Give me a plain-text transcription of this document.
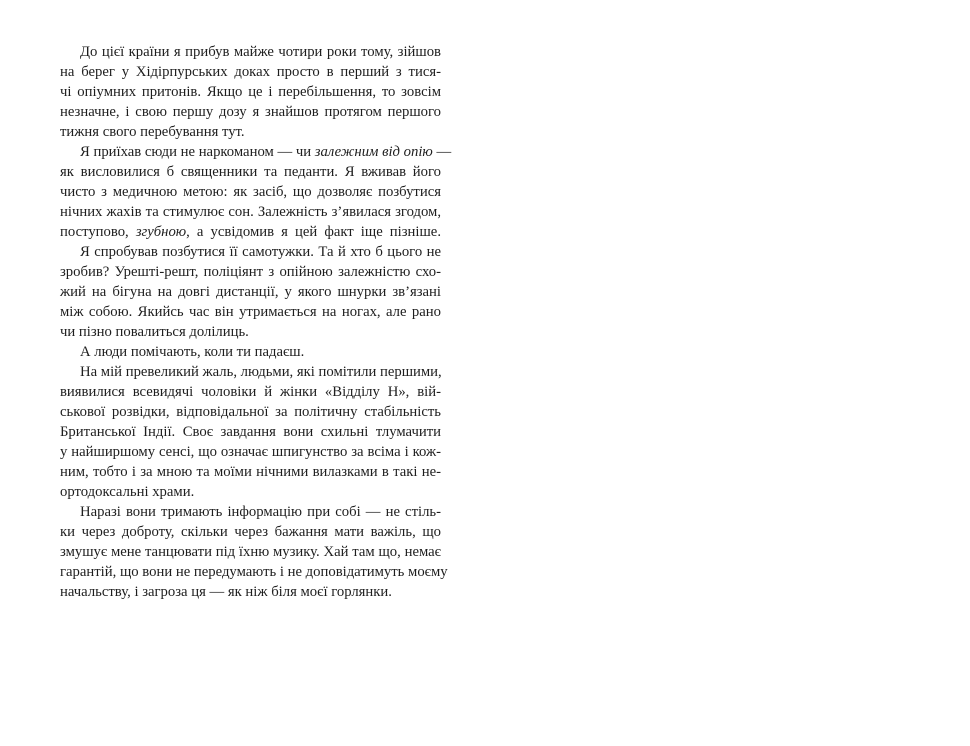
До цієї країни я прибув майже чотири роки тому, зійшов
на берег у Хідірпурських доках просто в перший з тися-
чі опіумних притонів. Якщо це і перебільшення, то зовсім
незначне, і свою першу дозу я знайшов протягом першого
тижня свого перебування тут.
Я приїхав сюди не наркоманом — чи залежним від опію —
як висловилися б священники та педанти. Я вживав його
чисто з медичною метою: як засіб, що дозволяє позбутися
нічних жахів та стимулює сон. Залежність з’явилася згодом,
поступово, згубною, а усвідомив я цей факт іще пізніше.
Я спробував позбутися її самотужки. Та й хто б цього не
зробив? Урешті-решт, поліціянт з опійною залежністю схо-
жий на бігуна на довгі дистанції, у якого шнурки зв’язані
між собою. Якийсь час він утримається на ногах, але рано
чи пізно повалиться долілиць.
А люди помічають, коли ти падаєш.
На мій превеликий жаль, людьми, які помітили першими,
виявилися всевидячі чоловіки й жінки «Відділу Н», вій-
ськової розвідки, відповідальної за політичну стабільність
Британської Індії. Своє завдання вони схильні тлумачити
у найширшому сенсі, що означає шпигунство за всіма і кож-
ним, тобто і за мною та моїми нічними вилазками в такі не-
ортодоксальні храми.
Наразі вони тримають інформацію при собі — не стіль-
ки через доброту, скільки через бажання мати важіль, що
змушує мене танцювати під їхню музику. Хай там що, немає
гарантій, що вони не передумають і не доповідатимуть моєму
начальству, і загроза ця — як ніж біля моєї горлянки.
